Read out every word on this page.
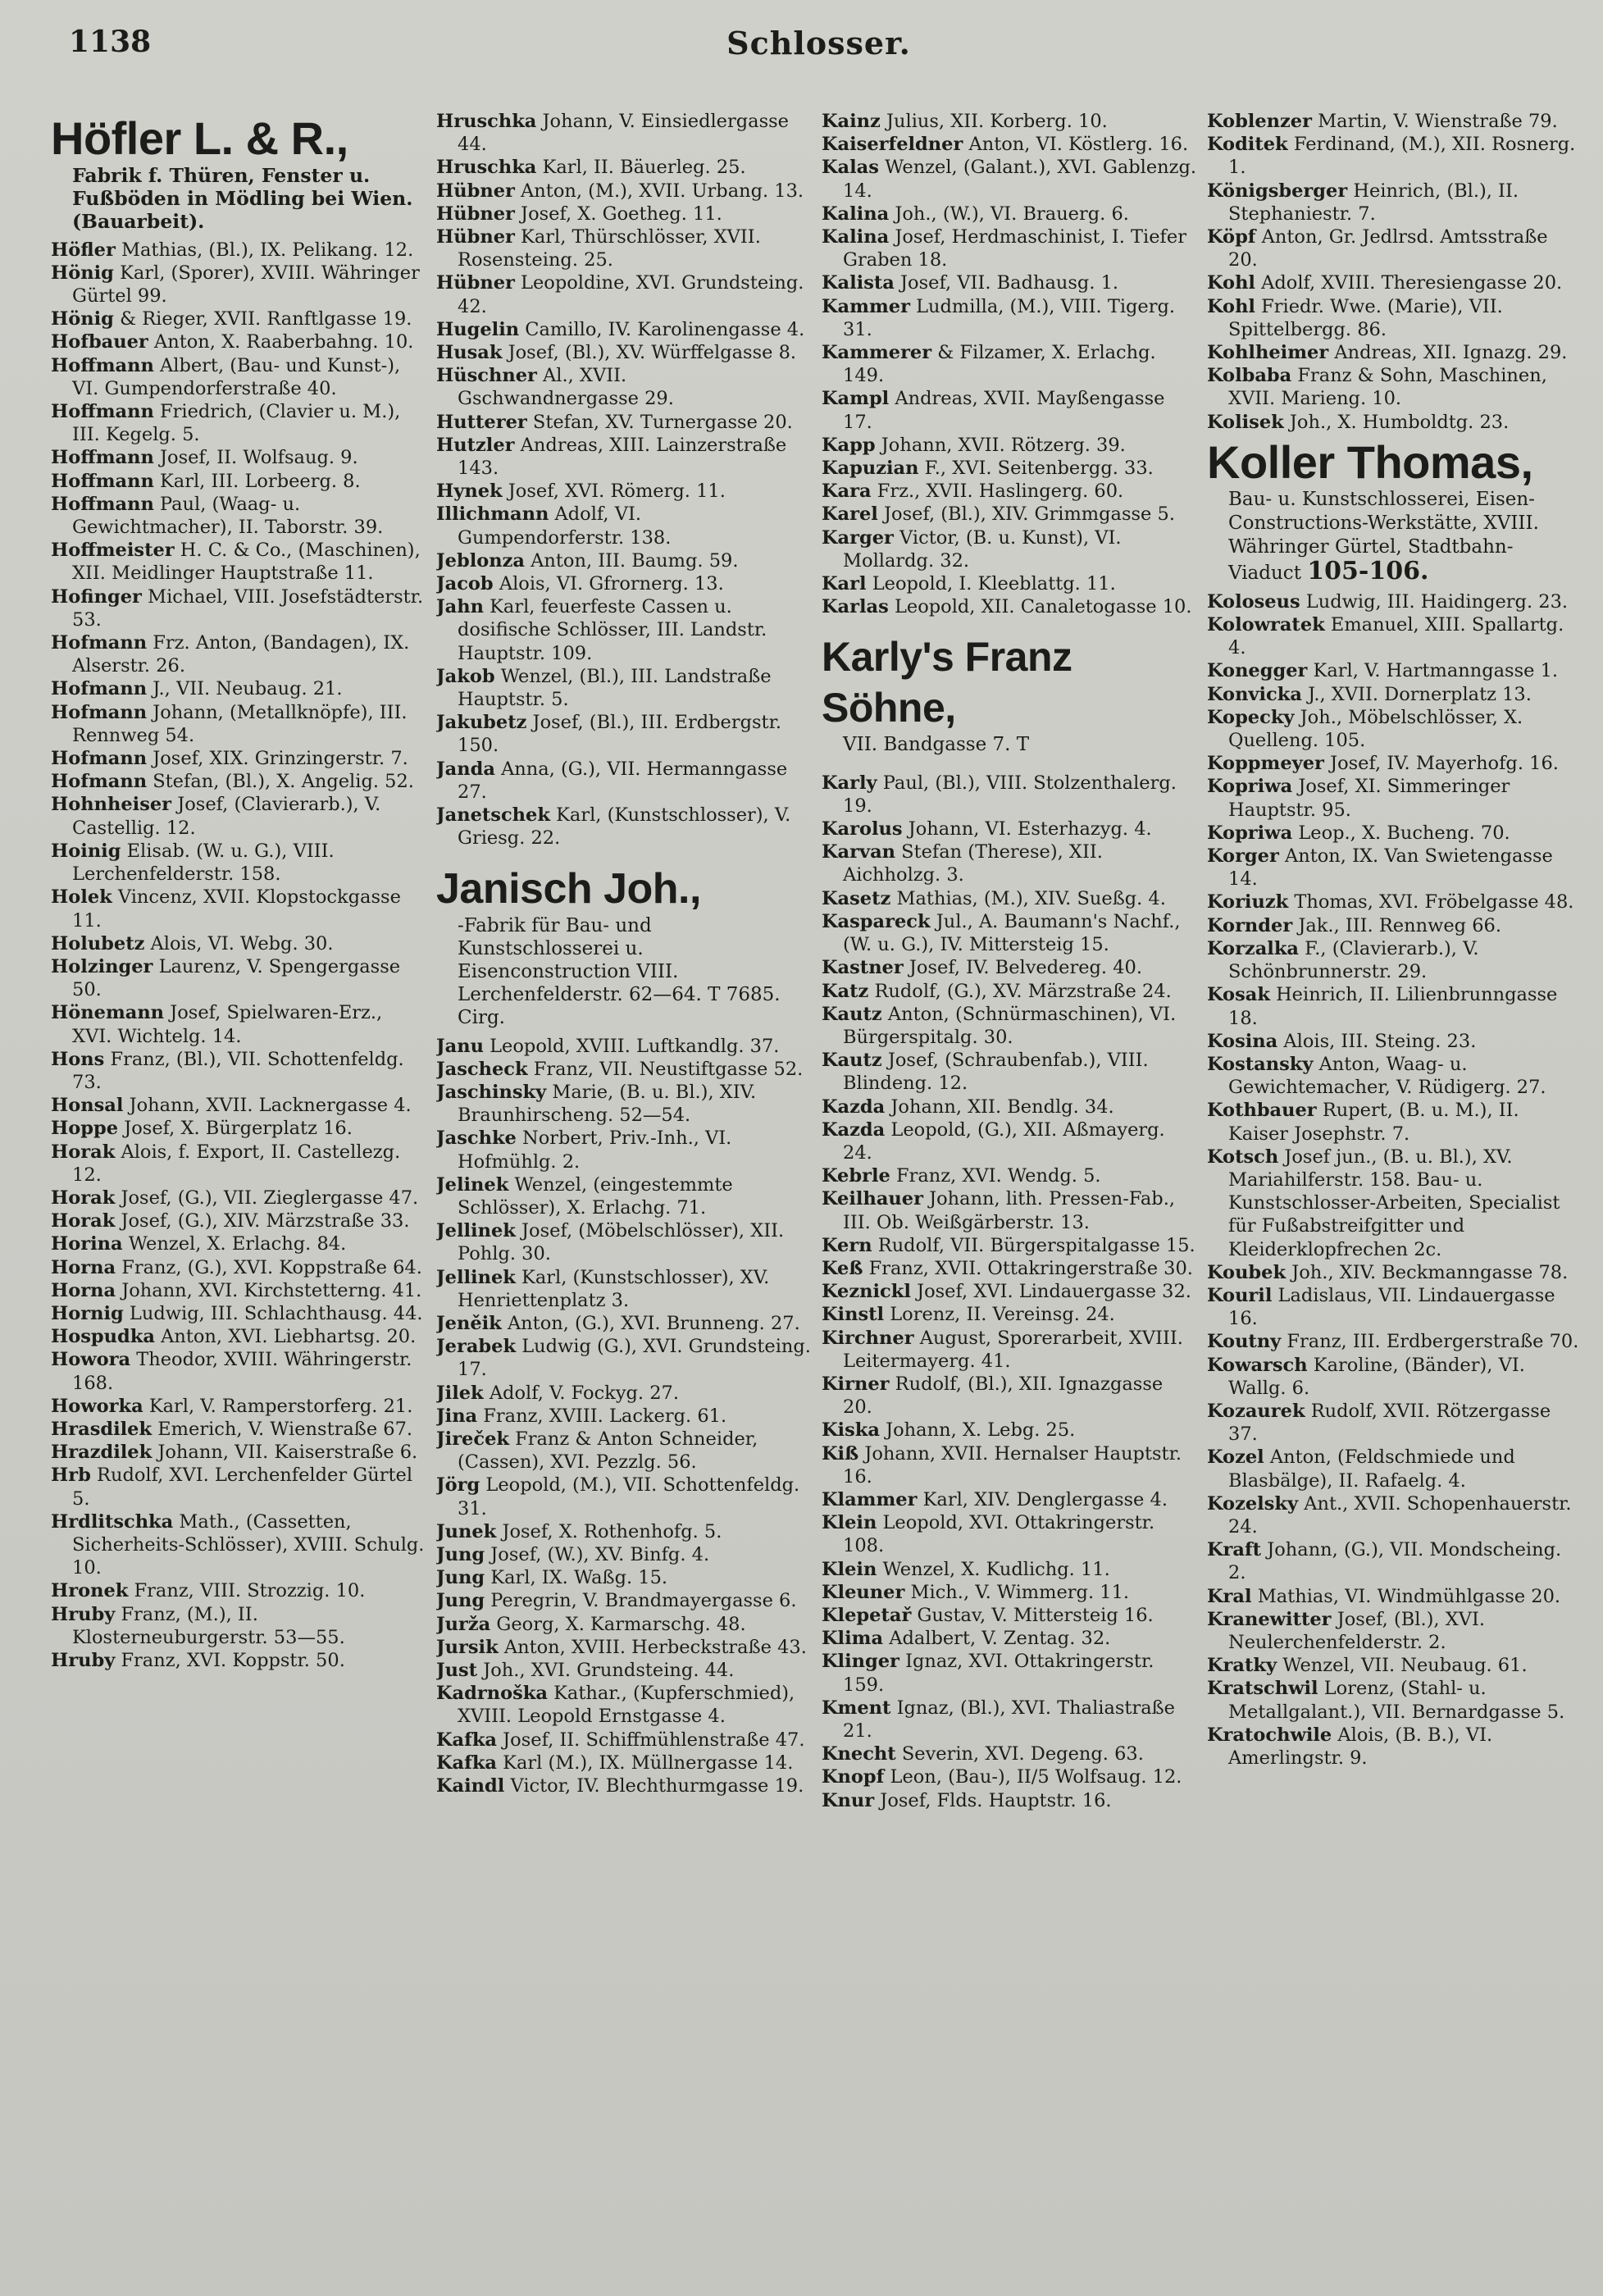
1138	Schlosser.
Höfler L. & R.,
Fabrik f. Thüren, Fenster u. Fußböden in Mödling bei Wien. (Bauarbeit).
Höfler Mathias, (Bl.), IX. Pelikang. 12.
Hönig Karl, (Sporer), XVIII. Währinger Gürtel 99.
Hönig & Rieger, XVII. Ranftlgasse 19.
Hofbauer Anton, X. Raaberbahng. 10.
Hoffmann Albert, (Bau- und Kunst-), VI. Gumpendorferstraße 40.
Hoffmann Friedrich, (Clavier u. M.), III. Kegelg. 5.
Hoffmann Josef, II. Wolfsaug. 9.
Hoffmann Karl, III. Lorbeerg. 8.
Hoffmann Paul, (Waag- u. Gewichtmacher), II. Taborstr. 39.
Hoffmeister H. C. & Co., (Maschinen), XII. Meidlinger Hauptstraße 11.
Hofinger Michael, VIII. Josefstädterstr. 53.
Hofmann Frz. Anton, (Bandagen), IX. Alserstr. 26.
Hofmann J., VII. Neubaug. 21.
Hofmann Johann, (Metallknöpfe), III. Rennweg 54.
Hofmann Josef, XIX. Grinzingerstr. 7.
Hofmann Stefan, (Bl.), X. Angelig. 52.
Hohnheiser Josef, (Clavierarb.), V. Castellig. 12.
Hoinig Elisab. (W. u. G.), VIII. Lerchenfelderstr. 158.
Holek Vincenz, XVII. Klopstockgasse 11.
Holubetz Alois, VI. Webg. 30.
Holzinger Laurenz, V. Spengergasse 50.
Hönemann Josef, Spielwaren-Erz., XVI. Wichtelg. 14.
Hons Franz, (Bl.), VII. Schottenfeldg. 73.
Honsal Johann, XVII. Lacknergasse 4.
Hoppe Josef, X. Bürgerplatz 16.
Horak Alois, f. Export, II. Castellezg. 12.
Horak Josef, (G.), VII. Zieglergasse 47.
Horak Josef, (G.), XIV. Märzstraße 33.
Horina Wenzel, X. Erlachg. 84.
Horna Franz, (G.), XVI. Koppstraße 64.
Horna Johann, XVI. Kirchstetterng. 41.
Hornig Ludwig, III. Schlachthausg. 44.
Hospudka Anton, XVI. Liebhartsg. 20.
Howora Theodor, XVIII. Währingerstr. 168.
Howorka Karl, V. Ramperstorferg. 21.
Hrasdilek Emerich, V. Wienstraße 67.
Hrazdilek Johann, VII. Kaiserstraße 6.
Hrb Rudolf, XVI. Lerchenfelder Gürtel 5.
Hrdlitschka Math., (Cassetten, Sicherheits-Schlösser), XVIII. Schulg. 10.
Hronek Franz, VIII. Strozzig. 10.
Hruby Franz, (M.), II. Klosterneuburgerstr. 53—55.
Hruby Franz, XVI. Koppstr. 50.
Hruschka Johann, V. Einsiedlergasse 44.
Hruschka Karl, II. Bäuerleg. 25.
Hübner Anton, (M.), XVII. Urbang. 13.
Hübner Josef, X. Goetheg. 11.
Hübner Karl, Thürschlösser, XVII. Rosensteing. 25.
Hübner Leopoldine, XVI. Grundsteing. 42.
Hugelin Camillo, IV. Karolinengasse 4.
Husak Josef, (Bl.), XV. Würffelgasse 8.
Hüschner Al., XVII. Gschwandnergasse 29.
Hutterer Stefan, XV. Turnergasse 20.
Hutzler Andreas, XIII. Lainzerstraße 143.
Hynek Josef, XVI. Römerg. 11.
Illichmann Adolf, VI. Gumpendorferstr. 138.
Jeblonza Anton, III. Baumg. 59.
Jacob Alois, VI. Gfrornerg. 13.
Jahn Karl, feuerfeste Cassen u. dosifische Schlösser, III. Landstr. Hauptstr. 109.
Jakob Wenzel, (Bl.), III. Landstraße Hauptstr. 5.
Jakubetz Josef, (Bl.), III. Erdbergstr. 150.
Janda Anna, (G.), VII. Hermanngasse 27.
Janetschek Karl, (Kunstschlosser), V. Griesg. 22.
Janisch Joh.,
-Fabrik für Bau- und Kunstschlosserei u. Eisenconstruction VIII. Lerchenfelderstr. 62—64. T 7685. Cirg.
Janu Leopold, XVIII. Luftkandlg. 37.
Jascheck Franz, VII. Neustiftgasse 52.
Jaschinsky Marie, (B. u. Bl.), XIV. Braunhirscheng. 52—54.
Jaschke Norbert, Priv.-Inh., VI. Hofmühlg. 2.
Jelinek Wenzel, (eingestemmte Schlösser), X. Erlachg. 71.
Jellinek Josef, (Möbelschlösser), XII. Pohlg. 30.
Jellinek Karl, (Kunstschlosser), XV. Henriettenplatz 3.
Jeněik Anton, (G.), XVI. Brunneng. 27.
Jerabek Ludwig (G.), XVI. Grundsteing. 17.
Jilek Adolf, V. Fockyg. 27.
Jina Franz, XVIII. Lackerg. 61.
Jireček Franz & Anton Schneider, (Cassen), XVI. Pezzlg. 56.
Jörg Leopold, (M.), VII. Schottenfeldg. 31.
Junek Josef, X. Rothenhofg. 5.
Jung Josef, (W.), XV. Binfg. 4.
Jung Karl, IX. Waßg. 15.
Jung Peregrin, V. Brandmayergasse 6.
Jurža Georg, X. Karmarschg. 48.
Jursik Anton, XVIII. Herbeckstraße 43.
Just Joh., XVI. Grundsteing. 44.
Kadrnoška Kathar., (Kupferschmied), XVIII. Leopold Ernstgasse 4.
Kafka Josef, II. Schiffmühlenstraße 47.
Kafka Karl (M.), IX. Müllnergasse 14.
Kaindl Victor, IV. Blechthurmgasse 19.
Kainz Julius, XII. Korberg. 10.
Kaiserfeldner Anton, VI. Köstlerg. 16.
Kalas Wenzel, (Galant.), XVI. Gablenzg. 14.
Kalina Joh., (W.), VI. Brauerg. 6.
Kalina Josef, Herdmaschinist, I. Tiefer Graben 18.
Kalista Josef, VII. Badhausg. 1.
Kammer Ludmilla, (M.), VIII. Tigerg. 31.
Kammerer & Filzamer, X. Erlachg. 149.
Kampl Andreas, XVII. Mayßengasse 17.
Kapp Johann, XVII. Rötzerg. 39.
Kapuzian F., XVI. Seitenbergg. 33.
Kara Frz., XVII. Haslingerg. 60.
Karel Josef, (Bl.), XIV. Grimmgasse 5.
Karger Victor, (B. u. Kunst), VI. Mollardg. 32.
Karl Leopold, I. Kleeblattg. 11.
Karlas Leopold, XII. Canaletogasse 10.
Karly's Franz Söhne,
VII. Bandgasse 7. T
Karly Paul, (Bl.), VIII. Stolzenthalerg. 19.
Karolus Johann, VI. Esterhazyg. 4.
Karvan Stefan (Therese), XII. Aichholzg. 3.
Kasetz Mathias, (M.), XIV. Sueßg. 4.
Kaspareck Jul., A. Baumann's Nachf., (W. u. G.), IV. Mittersteig 15.
Kastner Josef, IV. Belvedereg. 40.
Katz Rudolf, (G.), XV. Märzstraße 24.
Kautz Anton, (Schnürmaschinen), VI. Bürgerspitalg. 30.
Kautz Josef, (Schraubenfab.), VIII. Blindeng. 12.
Kazda Johann, XII. Bendlg. 34.
Kazda Leopold, (G.), XII. Aßmayerg. 24.
Kebrle Franz, XVI. Wendg. 5.
Keilhauer Johann, lith. Pressen-Fab., III. Ob. Weißgärberstr. 13.
Kern Rudolf, VII. Bürgerspitalgasse 15.
Keß Franz, XVII. Ottakringerstraße 30.
Keznickl Josef, XVI. Lindauergasse 32.
Kinstl Lorenz, II. Vereinsg. 24.
Kirchner August, Sporerarbeit, XVIII. Leitermayerg. 41.
Kirner Rudolf, (Bl.), XII. Ignazgasse 20.
Kiska Johann, X. Lebg. 25.
Kiß Johann, XVII. Hernalser Hauptstr. 16.
Klammer Karl, XIV. Denglergasse 4.
Klein Leopold, XVI. Ottakringerstr. 108.
Klein Wenzel, X. Kudlichg. 11.
Kleuner Mich., V. Wimmerg. 11.
Klepetař Gustav, V. Mittersteig 16.
Klima Adalbert, V. Zentag. 32.
Klinger Ignaz, XVI. Ottakringerstr. 159.
Kment Ignaz, (Bl.), XVI. Thaliastraße 21.
Knecht Severin, XVI. Degeng. 63.
Knopf Leon, (Bau-), II/5 Wolfsaug. 12.
Knur Josef, Flds. Hauptstr. 16.
Koblenzer Martin, V. Wienstraße 79.
Koditek Ferdinand, (M.), XII. Rosnerg. 1.
Königsberger Heinrich, (Bl.), II. Stephaniestr. 7.
Köpf Anton, Gr. Jedlrsd. Amtsstraße 20.
Kohl Adolf, XVIII. Theresiengasse 20.
Kohl Friedr. Wwe. (Marie), VII. Spittelbergg. 86.
Kohlheimer Andreas, XII. Ignazg. 29.
Kolbaba Franz & Sohn, Maschinen, XVII. Marieng. 10.
Kolisek Joh., X. Humboldtg. 23.
Koller Thomas,
Bau- u. Kunstschlosserei, Eisen- Constructions-Werkstätte, XVIII. Währinger Gürtel, Stadtbahn-Viaduct 105-106.
Koloseus Ludwig, III. Haidingerg. 23.
Kolowratek Emanuel, XIII. Spallartg. 4.
Konegger Karl, V. Hartmanngasse 1.
Konvicka J., XVII. Dornerplatz 13.
Kopecky Joh., Möbelschlösser, X. Quelleng. 105.
Koppmeyer Josef, IV. Mayerhofg. 16.
Kopriwa Josef, XI. Simmeringer Hauptstr. 95.
Kopriwa Leop., X. Bucheng. 70.
Korger Anton, IX. Van Swietengasse 14.
Koriuzk Thomas, XVI. Fröbelgasse 48.
Kornder Jak., III. Rennweg 66.
Korzalka F., (Clavierarb.), V. Schönbrunnerstr. 29.
Kosak Heinrich, II. Lilienbrunngasse 18.
Kosina Alois, III. Steing. 23.
Kostansky Anton, Waag- u. Gewichtemacher, V. Rüdigerg. 27.
Kothbauer Rupert, (B. u. M.), II. Kaiser Josephstr. 7.
Kotsch Josef jun., (B. u. Bl.), XV. Mariahilferstr. 158. Bau- u. Kunstschlosser-Arbeiten, Specialist für Fußabstreifgitter und Kleiderklopfrechen 2c.
Koubek Joh., XIV. Beckmanngasse 78.
Kouril Ladislaus, VII. Lindauergasse 16.
Koutny Franz, III. Erdbergerstraße 70.
Kowarsch Karoline, (Bänder), VI. Wallg. 6.
Kozaurek Rudolf, XVII. Rötzergasse 37.
Kozel Anton, (Feldschmiede und Blasbälge), II. Rafaelg. 4.
Kozelsky Ant., XVII. Schopenhauerstr. 24.
Kraft Johann, (G.), VII. Mondscheing. 2.
Kral Mathias, VI. Windmühlgasse 20.
Kranewitter Josef, (Bl.), XVI. Neulerchenfelderstr. 2.
Kratky Wenzel, VII. Neubaug. 61.
Kratschwil Lorenz, (Stahl- u. Metallgalant.), VII. Bernardgasse 5.
Kratochwile Alois, (B. B.), VI. Amerlingstr. 9.
